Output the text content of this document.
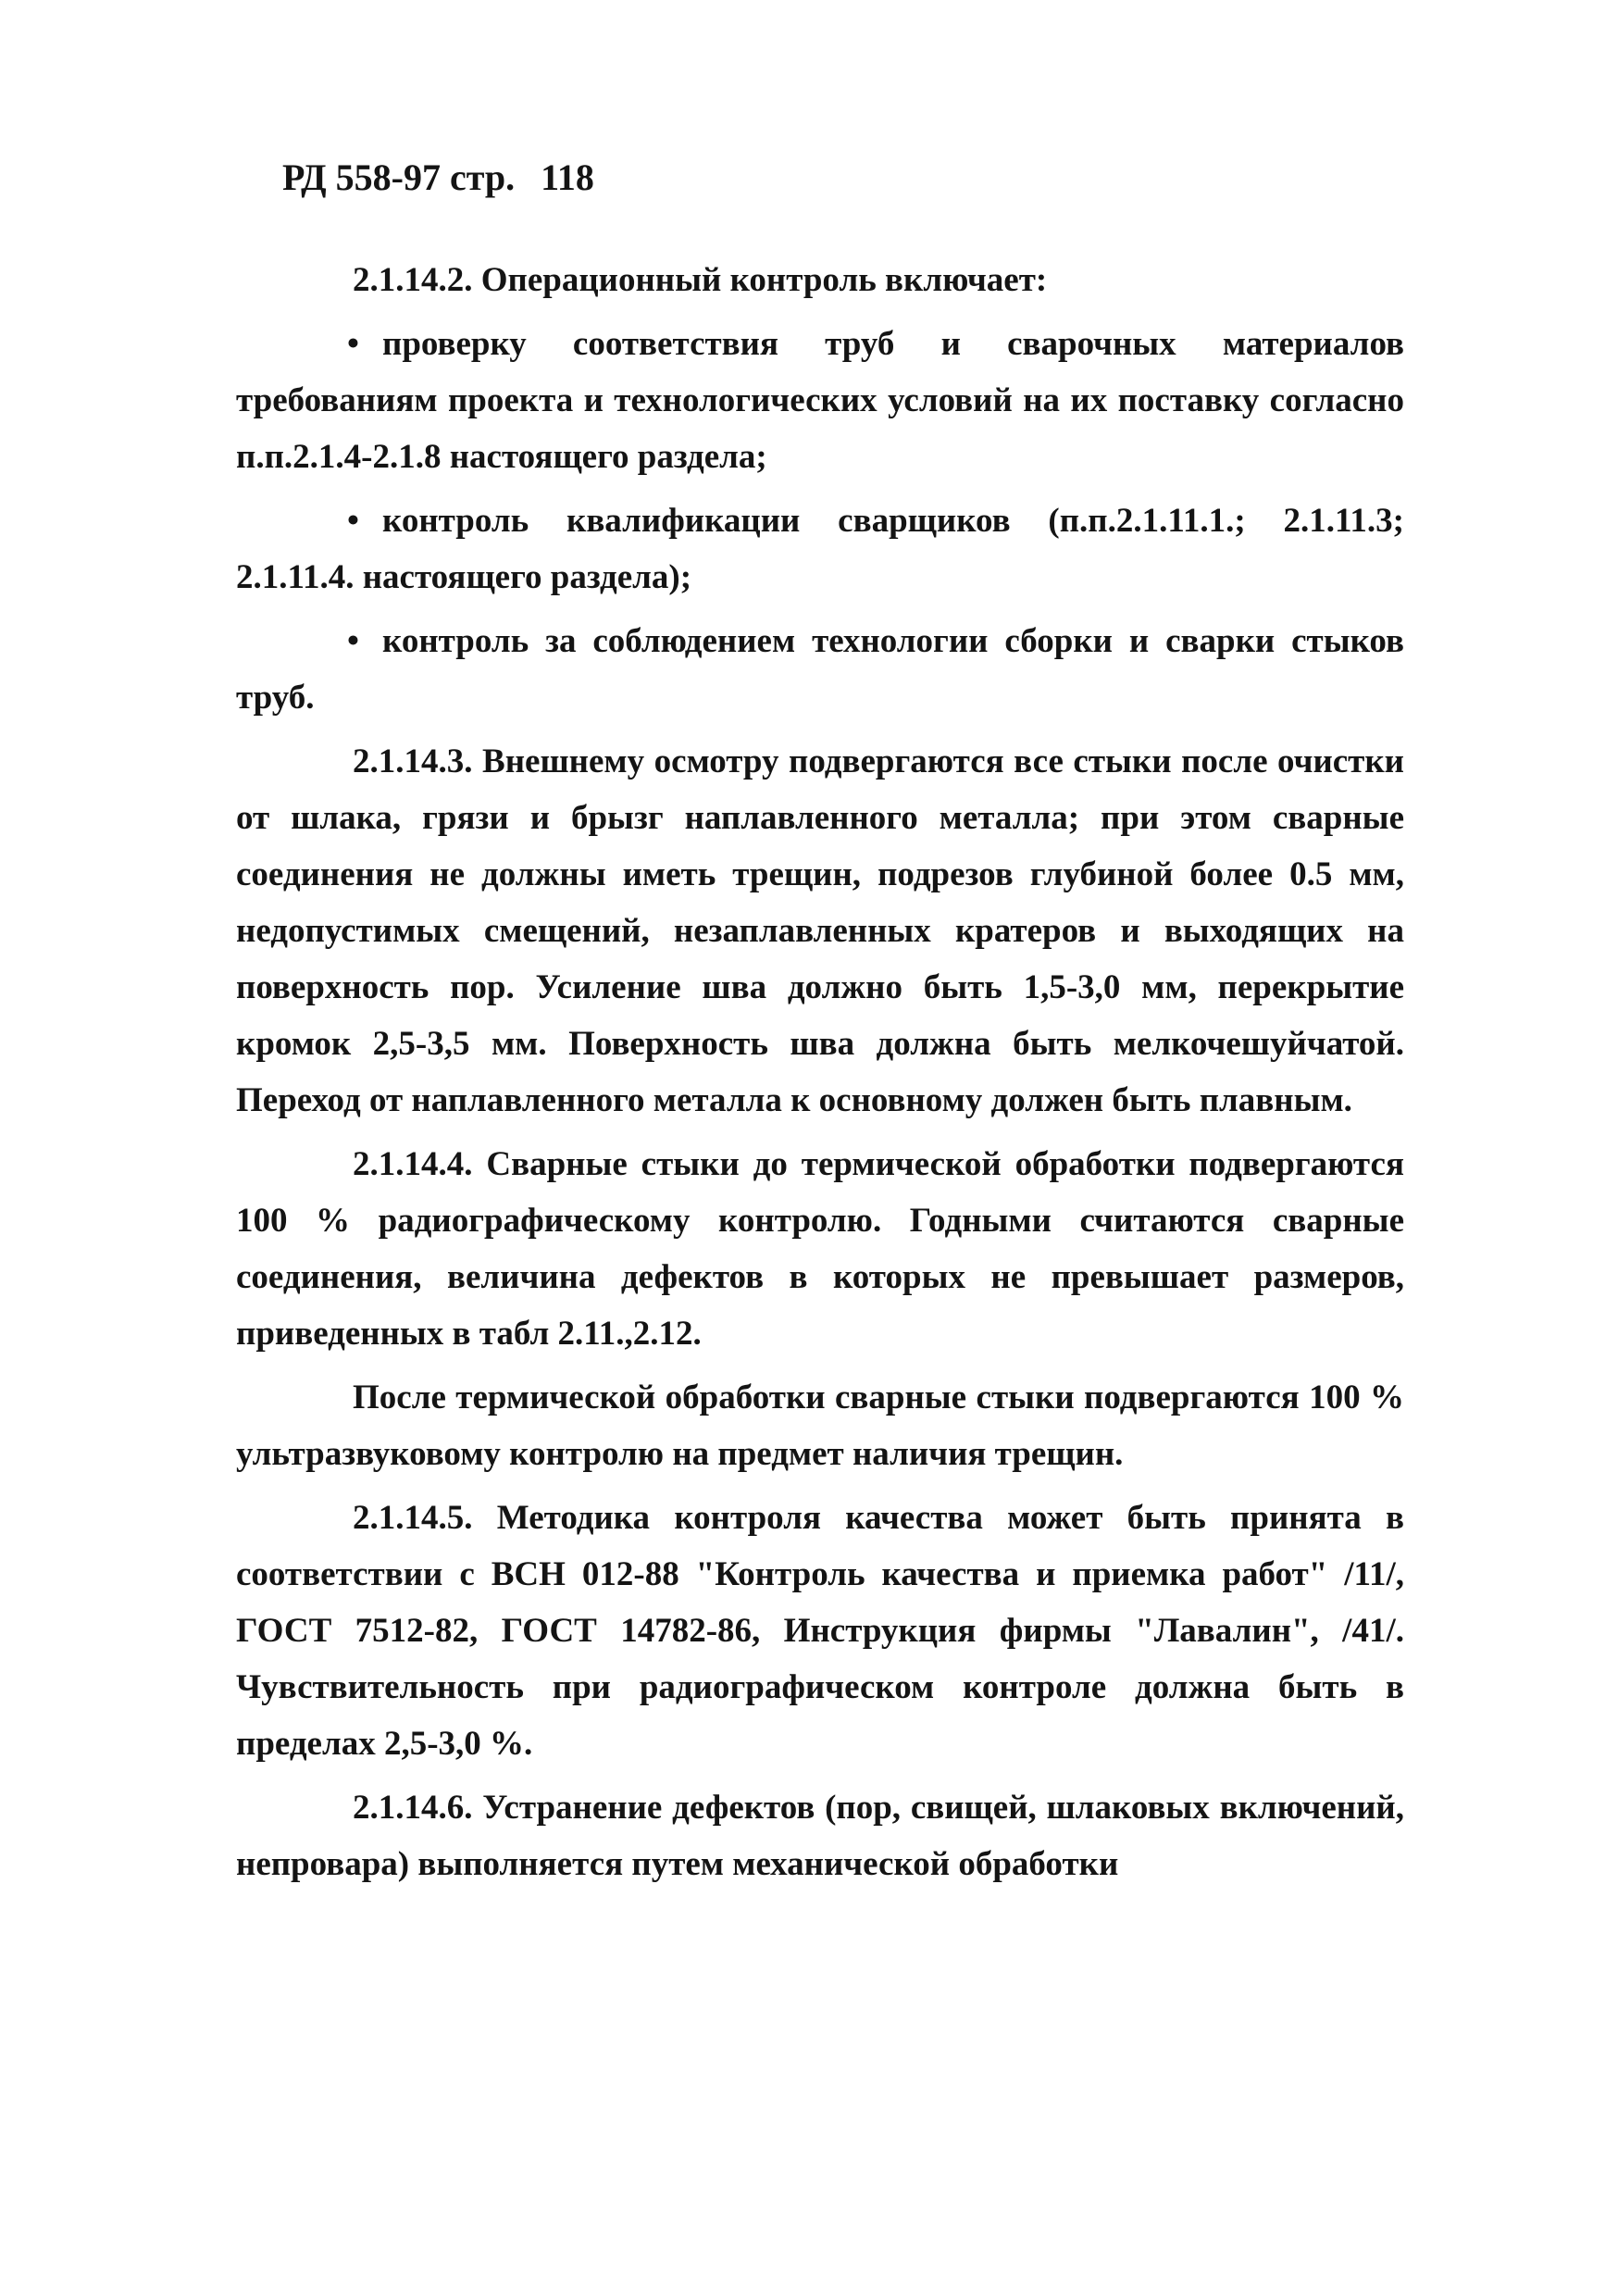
РД 558-97 стр. 118

2.1.14.2. Операционный контроль включает:

• проверку соответствия труб и сварочных материалов требованиям проекта и технологических условий на их поставку согласно п.п.2.1.4-2.1.8 настоящего раздела;

• контроль квалификации сварщиков (п.п.2.1.11.1.; 2.1.11.3; 2.1.11.4. настоящего раздела);

• контроль за соблюдением технологии сборки и сварки стыков труб.

2.1.14.3. Внешнему осмотру подвергаются все стыки после очистки от шлака, грязи и брызг наплавленного металла; при этом сварные соединения не должны иметь трещин, подрезов глубиной более 0.5 мм, недопустимых смещений, незаплавленных кратеров и выходящих на поверхность пор. Усиление шва должно быть 1,5-3,0 мм, перекрытие кромок 2,5-3,5 мм. Поверхность шва должна быть мелкочешуйчатой. Переход от наплавленного металла к основному должен быть плавным.

2.1.14.4. Сварные стыки до термической обработки подвергаются 100 % радиографическому контролю. Годными считаются сварные соединения, величина дефектов в которых не превышает размеров, приведенных в табл 2.11.,2.12.

После термической обработки сварные стыки подвергаются 100 % ультразвуковому контролю на предмет наличия трещин.

2.1.14.5. Методика контроля качества может быть принята в соответствии с ВСН 012-88 "Контроль качества и приемка работ" /11/, ГОСТ 7512-82, ГОСТ 14782-86, Инструкция фирмы "Лавалин", /41/. Чувствительность при радиографическом контроле должна быть в пределах 2,5-3,0 %.

2.1.14.6. Устранение дефектов (пор, свищей, шлаковых включений, непровара) выполняется путем механической обработки
